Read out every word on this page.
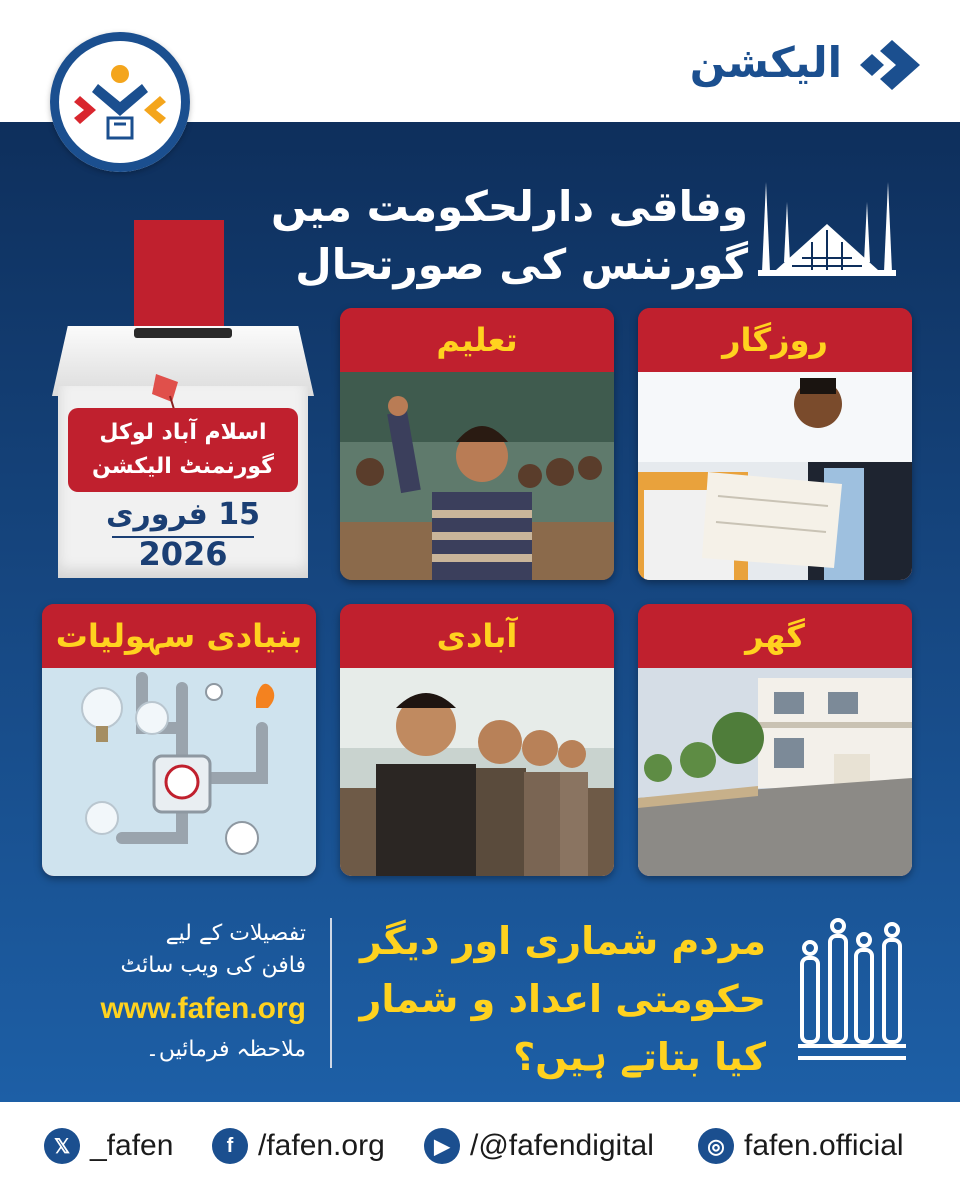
الیکشن
وفاقی دارلحکومت میں
گورننس کی صورتحال
اسلام آباد لوکل
گورنمنٹ الیکشن
15 فروری
2026
روزگار
تعلیم
گھر
آبادی
بنیادی سہولیات
تفصیلات کے لیے
فافن کی ویب سائٹ
www.fafen.org
ملاحظہ فرمائیں۔
مردم شماری اور دیگر
حکومتی اعداد و شمار
کیا بتاتے ہیں؟
𝕏 _fafen	f /fafen.org	▶ /@fafendigital	◎ fafen.official
